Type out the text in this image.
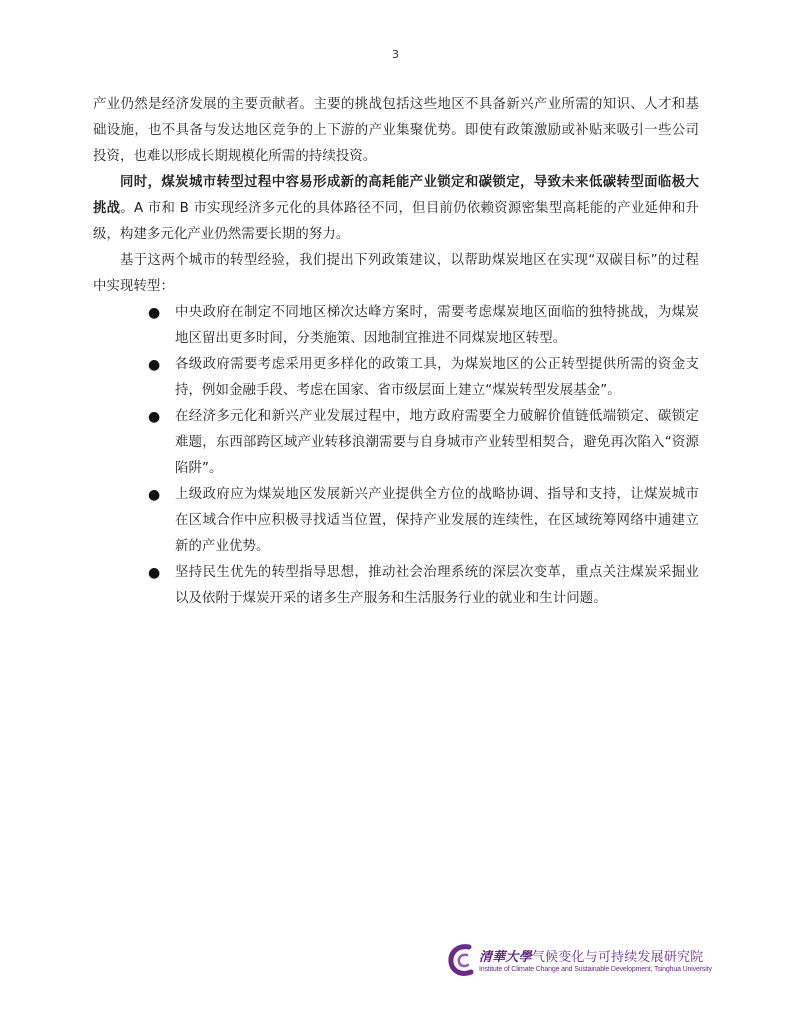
3

产业仍然是经济发展的主要贡献者。主要的挑战包括这些地区不具备新兴产业所需的知识、人才和基础设施，也不具备与发达地区竞争的上下游的产业集聚优势。即使有政策激励或补贴来吸引一些公司投资，也难以形成长期规模化所需的持续投资。

同时，煤炭城市转型过程中容易形成新的高耗能产业锁定和碳锁定，导致未来低碳转型面临极大挑战。A 市和 B 市实现经济多元化的具体路径不同，但目前仍依赖资源密集型高耗能的产业延伸和升级，构建多元化产业仍然需要长期的努力。

基于这两个城市的转型经验，我们提出下列政策建议，以帮助煤炭地区在实现“双碳目标”的过程中实现转型：

● 中央政府在制定不同地区梯次达峰方案时，需要考虑煤炭地区面临的独特挑战，为煤炭地区留出更多时间，分类施策、因地制宜推进不同煤炭地区转型。
● 各级政府需要考虑采用更多样化的政策工具，为煤炭地区的公正转型提供所需的资金支持，例如金融手段、考虑在国家、省市级层面上建立“煤炭转型发展基金”。
● 在经济多元化和新兴产业发展过程中，地方政府需要全力破解价值链低端锁定、碳锁定难题，东西部跨区域产业转移浪潮需要与自身城市产业转型相契合，避免再次陷入“资源陷阱”。
● 上级政府应为煤炭地区发展新兴产业提供全方位的战略协调、指导和支持，让煤炭城市在区域合作中应积极寻找适当位置，保持产业发展的连续性，在区域统筹网络中逋建立新的产业优势。
● 坚持民生优先的转型指导思想，推动社会治理系统的深层次变革，重点关注煤炭采掘业以及依附于煤炭开采的诸多生产服务和生活服务行业的就业和生计问题。
清華大學气候变化与可持续发展研究院
Institute of Climate Change and Sustainable Development, Tsinghua University
